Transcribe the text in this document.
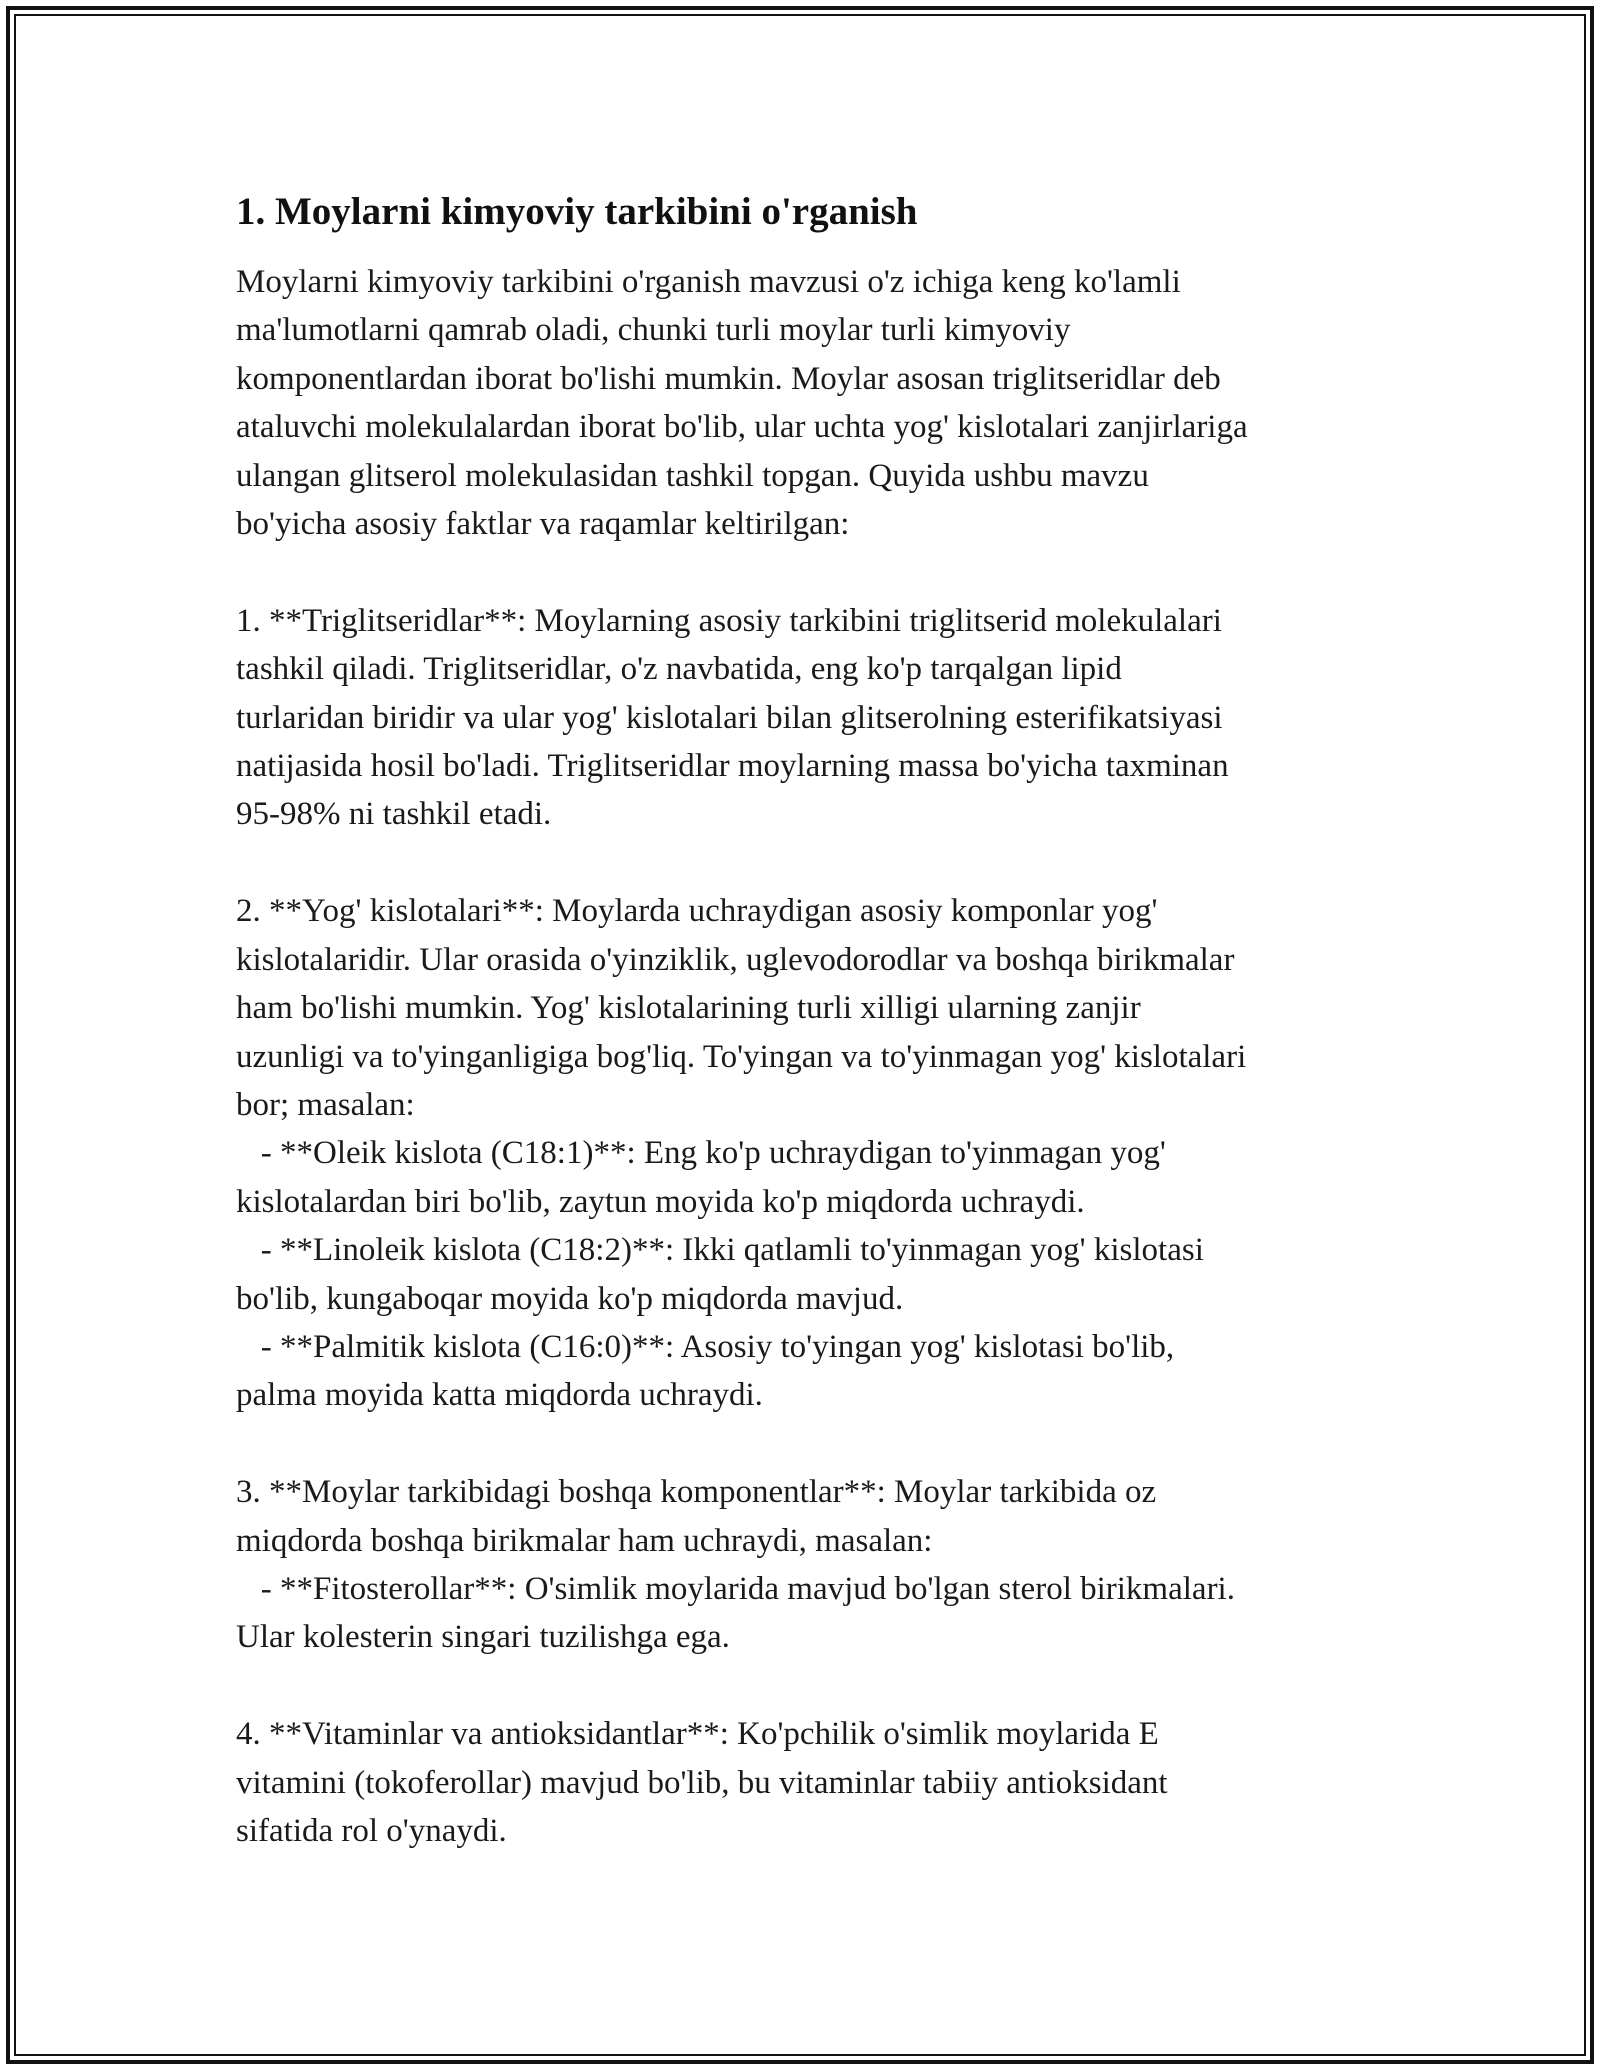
1. Moylarni kimyoviy tarkibini o'rganish

Moylarni kimyoviy tarkibini o'rganish mavzusi o'z ichiga keng ko'lamli
ma'lumotlarni qamrab oladi, chunki turli moylar turli kimyoviy
komponentlardan iborat bo'lishi mumkin. Moylar asosan triglitseridlar deb
ataluvchi molekulalardan iborat bo'lib, ular uchta yog' kislotalari zanjirlariga
ulangan glitserol molekulasidan tashkil topgan. Quyida ushbu mavzu
bo'yicha asosiy faktlar va raqamlar keltirilgan:

1. **Triglitseridlar**: Moylarning asosiy tarkibini triglitserid molekulalari
tashkil qiladi. Triglitseridlar, o'z navbatida, eng ko'p tarqalgan lipid
turlaridan biridir va ular yog' kislotalari bilan glitserolning esterifikatsiyasi
natijasida hosil bo'ladi. Triglitseridlar moylarning massa bo'yicha taxminan
95-98% ni tashkil etadi.

2. **Yog' kislotalari**: Moylarda uchraydigan asosiy komponlar yog'
kislotalaridir. Ular orasida o'yinziklik, uglevodorodlar va boshqa birikmalar
ham bo'lishi mumkin. Yog' kislotalarining turli xilligi ularning zanjir
uzunligi va to'yinganligiga bog'liq. To'yingan va to'yinmagan yog' kislotalari
bor; masalan:
- **Oleik kislota (C18:1)**: Eng ko'p uchraydigan to'yinmagan yog'
kislotalardan biri bo'lib, zaytun moyida ko'p miqdorda uchraydi.
- **Linoleik kislota (C18:2)**: Ikki qatlamli to'yinmagan yog' kislotasi
bo'lib, kungaboqar moyida ko'p miqdorda mavjud.
- **Palmitik kislota (C16:0)**: Asosiy to'yingan yog' kislotasi bo'lib,
palma moyida katta miqdorda uchraydi.

3. **Moylar tarkibidagi boshqa komponentlar**: Moylar tarkibida oz
miqdorda boshqa birikmalar ham uchraydi, masalan:
- **Fitosterollar**: O'simlik moylarida mavjud bo'lgan sterol birikmalari.
Ular kolesterin singari tuzilishga ega.

4. **Vitaminlar va antioksidantlar**: Ko'pchilik o'simlik moylarida E
vitamini (tokoferollar) mavjud bo'lib, bu vitaminlar tabiiy antioksidant
sifatida rol o'ynaydi.
